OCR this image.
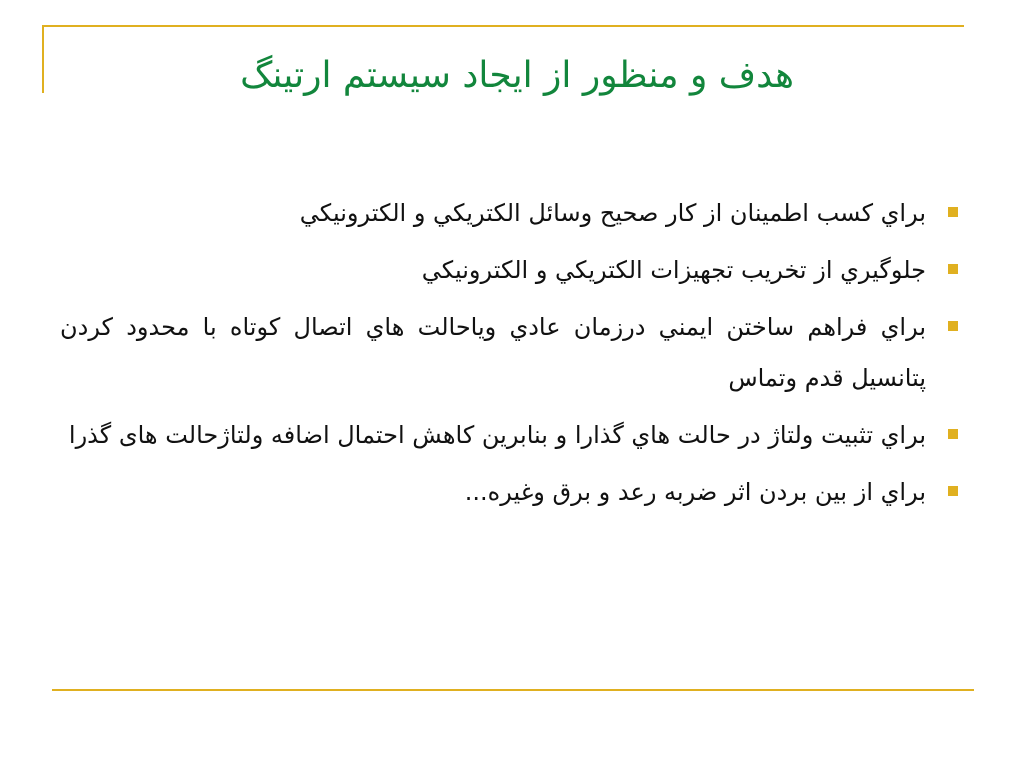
هدف و منظور از ايجاد سيستم ارتينگ
براي كسب اطمينان از كار صحيح وسائل الكتريكي و الكترونيكي
جلوگيري از تخريب تجهيزات الكتريكي و الكترونيكي
براي فراهم ساختن ايمني درزمان عادي وياحالت هاي اتصال كوتاه با محدود كردن پتانسيل قدم وتماس
براي تثبيت ولتاژ در حالت هاي گذارا و بنابرين كاهش احتمال اضافه ولتاژحالت های گذرا
براي از بين بردن اثر ضربه رعد و برق وغيره...
